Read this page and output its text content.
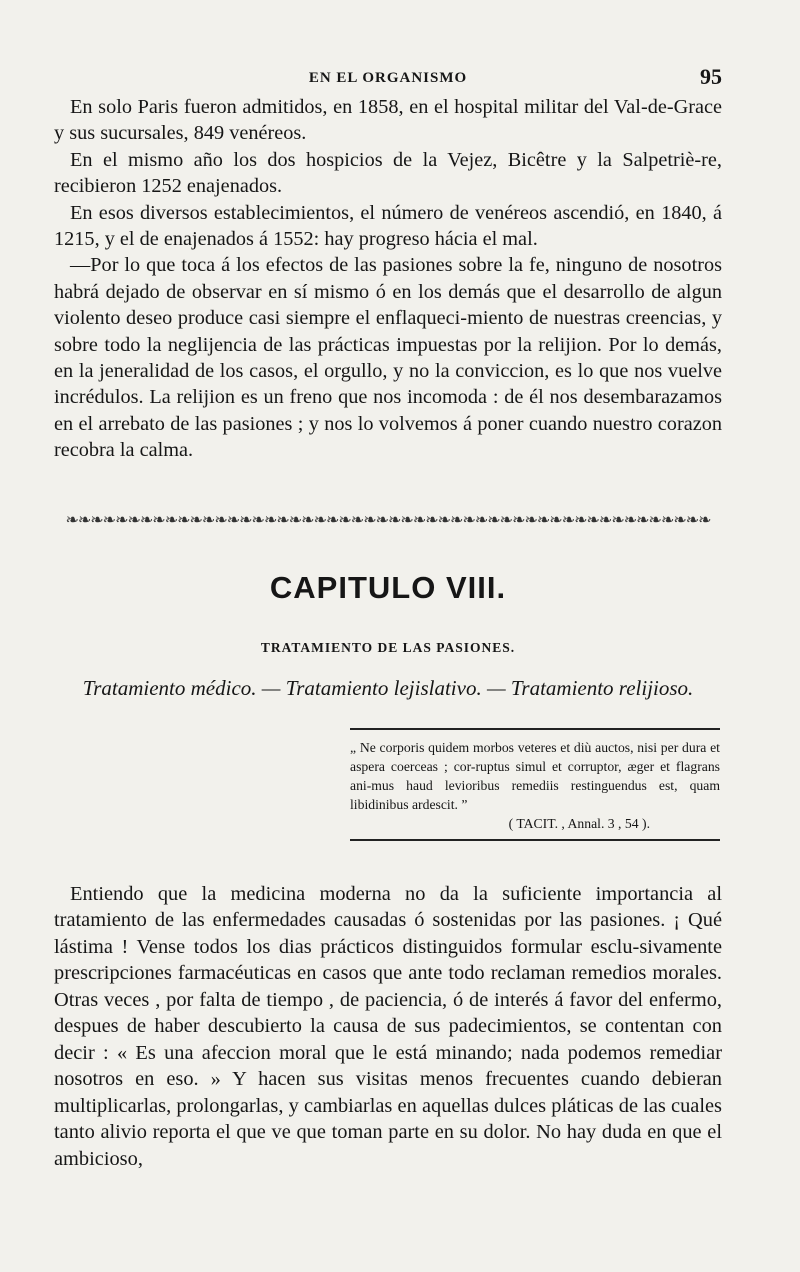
EN EL ORGANISMO	95

En solo Paris fueron admitidos, en 1858, en el hospital militar del Val-de-Grace y sus sucursales, 849 venéreos.

En el mismo año los dos hospicios de la Vejez, Bicêtre y la Salpetriè-re, recibieron 1252 enajenados.

En esos diversos establecimientos, el número de venéreos ascendió, en 1840, á 1215, y el de enajenados á 1552: hay progreso hácia el mal.

—Por lo que toca á los efectos de las pasiones sobre la fe, ninguno de nosotros habrá dejado de observar en sí mismo ó en los demás que el desarrollo de algun violento deseo produce casi siempre el enflaqueci-miento de nuestras creencias, y sobre todo la neglijencia de las prácticas impuestas por la relijion. Por lo demás, en la jeneralidad de los casos, el orgullo, y no la conviccion, es lo que nos vuelve incrédulos. La relijion es un freno que nos incomoda : de él nos desembarazamos en el arrebato de las pasiones ; y nos lo volvemos á poner cuando nuestro corazon recobra la calma.

❧❧❧❧❧❧❧❧❧❧❧❧❧❧❧❧❧❧❧❧❧❧❧❧❧❧❧❧❧❧❧❧❧❧❧❧❧❧❧❧❧❧❧❧❧❧❧❧❧❧❧❧
CAPITULO VIII.
TRATAMIENTO DE LAS PASIONES.
Tratamiento médico. — Tratamiento lejislativo. — Tratamiento relijioso.

„ Ne corporis quidem morbos veteres et diù auctos, nisi per dura et aspera coerceas ; cor-ruptus simul et corruptor, æger et flagrans ani-mus haud levioribus remediis restinguendus est, quam libidinibus ardescit. ”
( TACIT. , Annal. 3 , 54 ).

Entiendo que la medicina moderna no da la suficiente importancia al tratamiento de las enfermedades causadas ó sostenidas por las pasiones. ¡ Qué lástima ! Vense todos los dias prácticos distinguidos formular esclu-sivamente prescripciones farmacéuticas en casos que ante todo reclaman remedios morales. Otras veces , por falta de tiempo , de paciencia, ó de interés á favor del enfermo, despues de haber descubierto la causa de sus padecimientos, se contentan con decir : « Es una afeccion moral que le está minando; nada podemos remediar nosotros en eso. » Y hacen sus visitas menos frecuentes cuando debieran multiplicarlas, prolongarlas, y cambiarlas en aquellas dulces pláticas de las cuales tanto alivio reporta el que ve que toman parte en su dolor. No hay duda en que el ambicioso,
